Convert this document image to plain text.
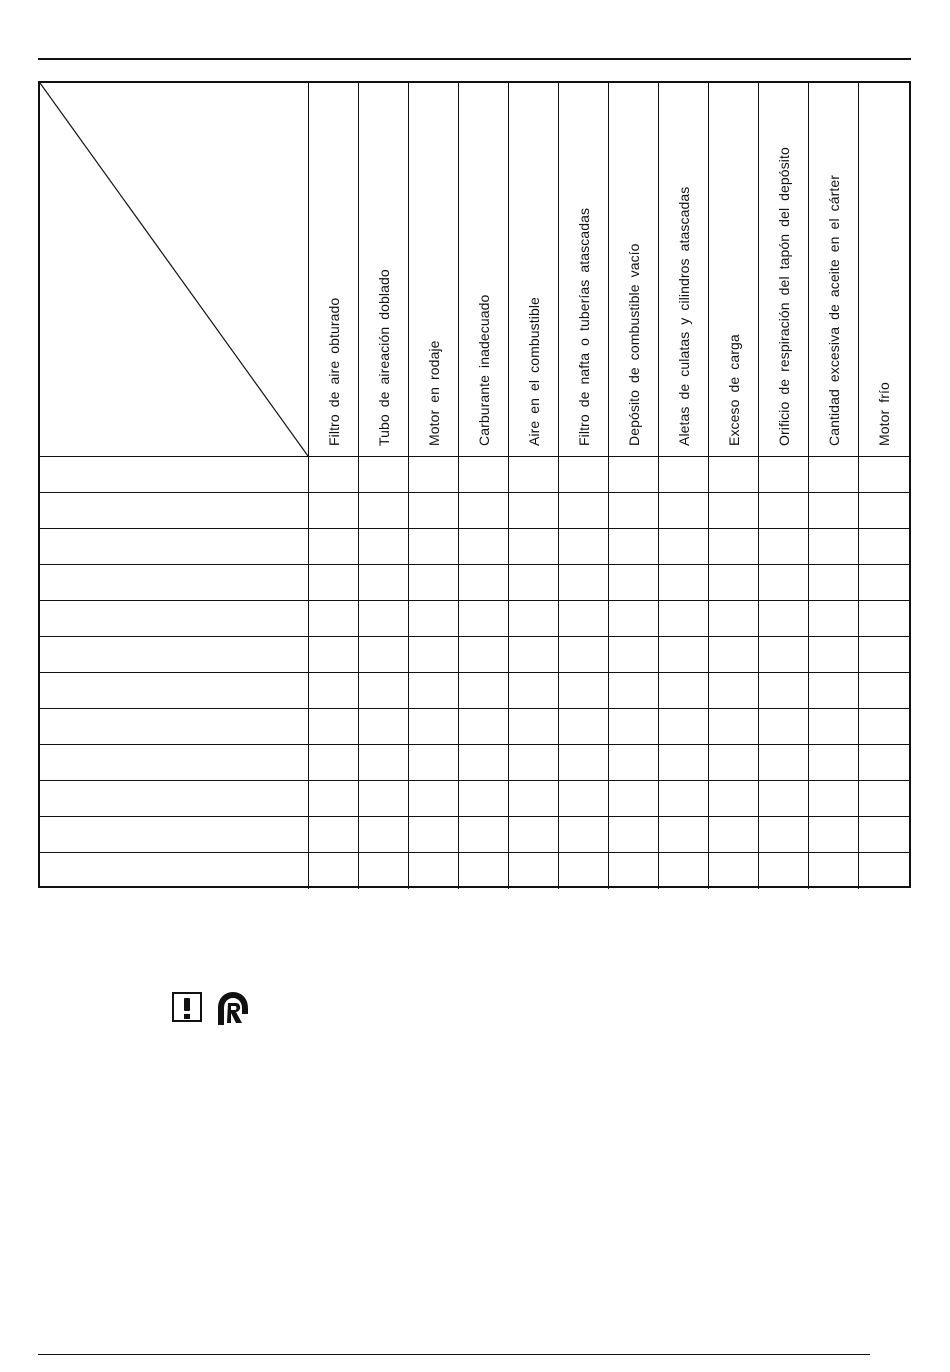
Filtro de aire obturado Tubo de aireación doblado Motor en rodaje Carburante inadecuado Aire en el combustible Filtro de nafta o tuberías atascadas Depósito de combustible vacío Aletas de culatas y cilindros atascadas Exceso de carga Orificio de respiración del tapón del depósito Cantidad excesiva de aceite en el cárter Motor frío
